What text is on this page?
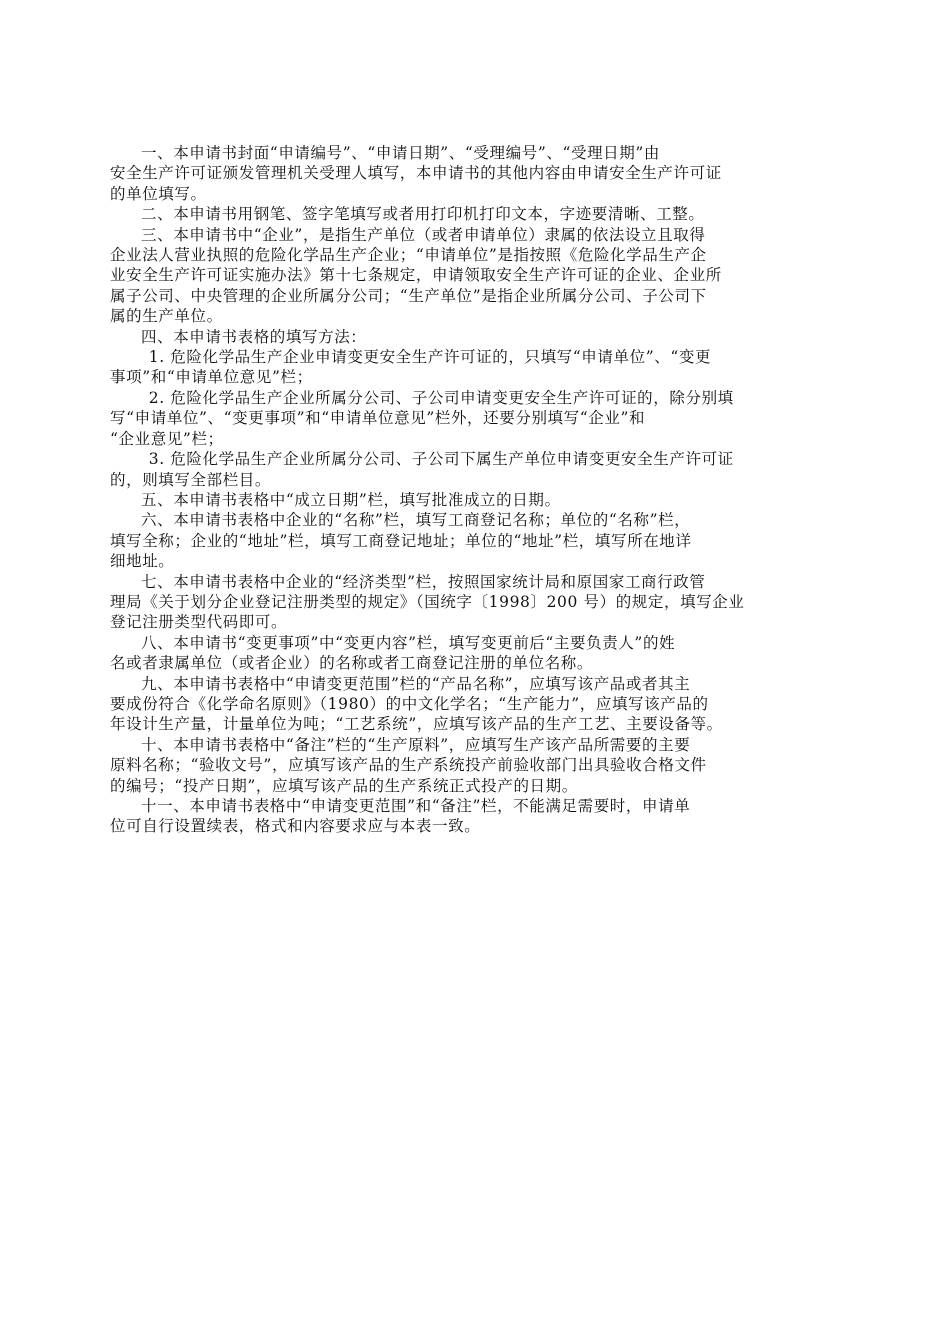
一、本申请书封面“申请编号”、“申请日期”、“受理编号”、“受理日期”由
安全生产许可证颁发管理机关受理人填写，本申请书的其他内容由申请安全生产许可证
的单位填写。

二、本申请书用钢笔、签字笔填写或者用打印机打印文本，字迹要清晰、工整。

三、本申请书中“企业”，是指生产单位（或者申请单位）隶属的依法设立且取得
企业法人营业执照的危险化学品生产企业；“申请单位”是指按照《危险化学品生产企
业安全生产许可证实施办法》第十七条规定，申请领取安全生产许可证的企业、企业所
属子公司、中央管理的企业所属分公司；“生产单位”是指企业所属分公司、子公司下
属的生产单位。

四、本申请书表格的填写方法：

1. 危险化学品生产企业申请变更安全生产许可证的，只填写“申请单位”、“变更
事项”和“申请单位意见”栏；

2. 危险化学品生产企业所属分公司、子公司申请变更安全生产许可证的，除分别填
写“申请单位”、“变更事项”和“申请单位意见”栏外，还要分别填写“企业”和
“企业意见”栏；

3. 危险化学品生产企业所属分公司、子公司下属生产单位申请变更安全生产许可证
的，则填写全部栏目。

五、本申请书表格中“成立日期”栏，填写批准成立的日期。

六、本申请书表格中企业的“名称”栏，填写工商登记名称；单位的“名称”栏，
填写全称；企业的“地址”栏，填写工商登记地址；单位的“地址”栏，填写所在地详
细地址。

七、本申请书表格中企业的“经济类型”栏，按照国家统计局和原国家工商行政管
理局《关于划分企业登记注册类型的规定》（国统字〔1998〕200 号）的规定，填写企业
登记注册类型代码即可。

八、本申请书“变更事项”中“变更内容”栏，填写变更前后“主要负责人”的姓
名或者隶属单位（或者企业）的名称或者工商登记注册的单位名称。

九、本申请书表格中“申请变更范围”栏的“产品名称”，应填写该产品或者其主
要成份符合《化学命名原则》（1980）的中文化学名；“生产能力”，应填写该产品的
年设计生产量，计量单位为吨；“工艺系统”，应填写该产品的生产工艺、主要设备等。

十、本申请书表格中“备注”栏的“生产原料”，应填写生产该产品所需要的主要
原料名称；“验收文号”，应填写该产品的生产系统投产前验收部门出具验收合格文件
的编号；“投产日期”，应填写该产品的生产系统正式投产的日期。

十一、本申请书表格中“申请变更范围”和“备注”栏，不能满足需要时，申请单
位可自行设置续表，格式和内容要求应与本表一致。
